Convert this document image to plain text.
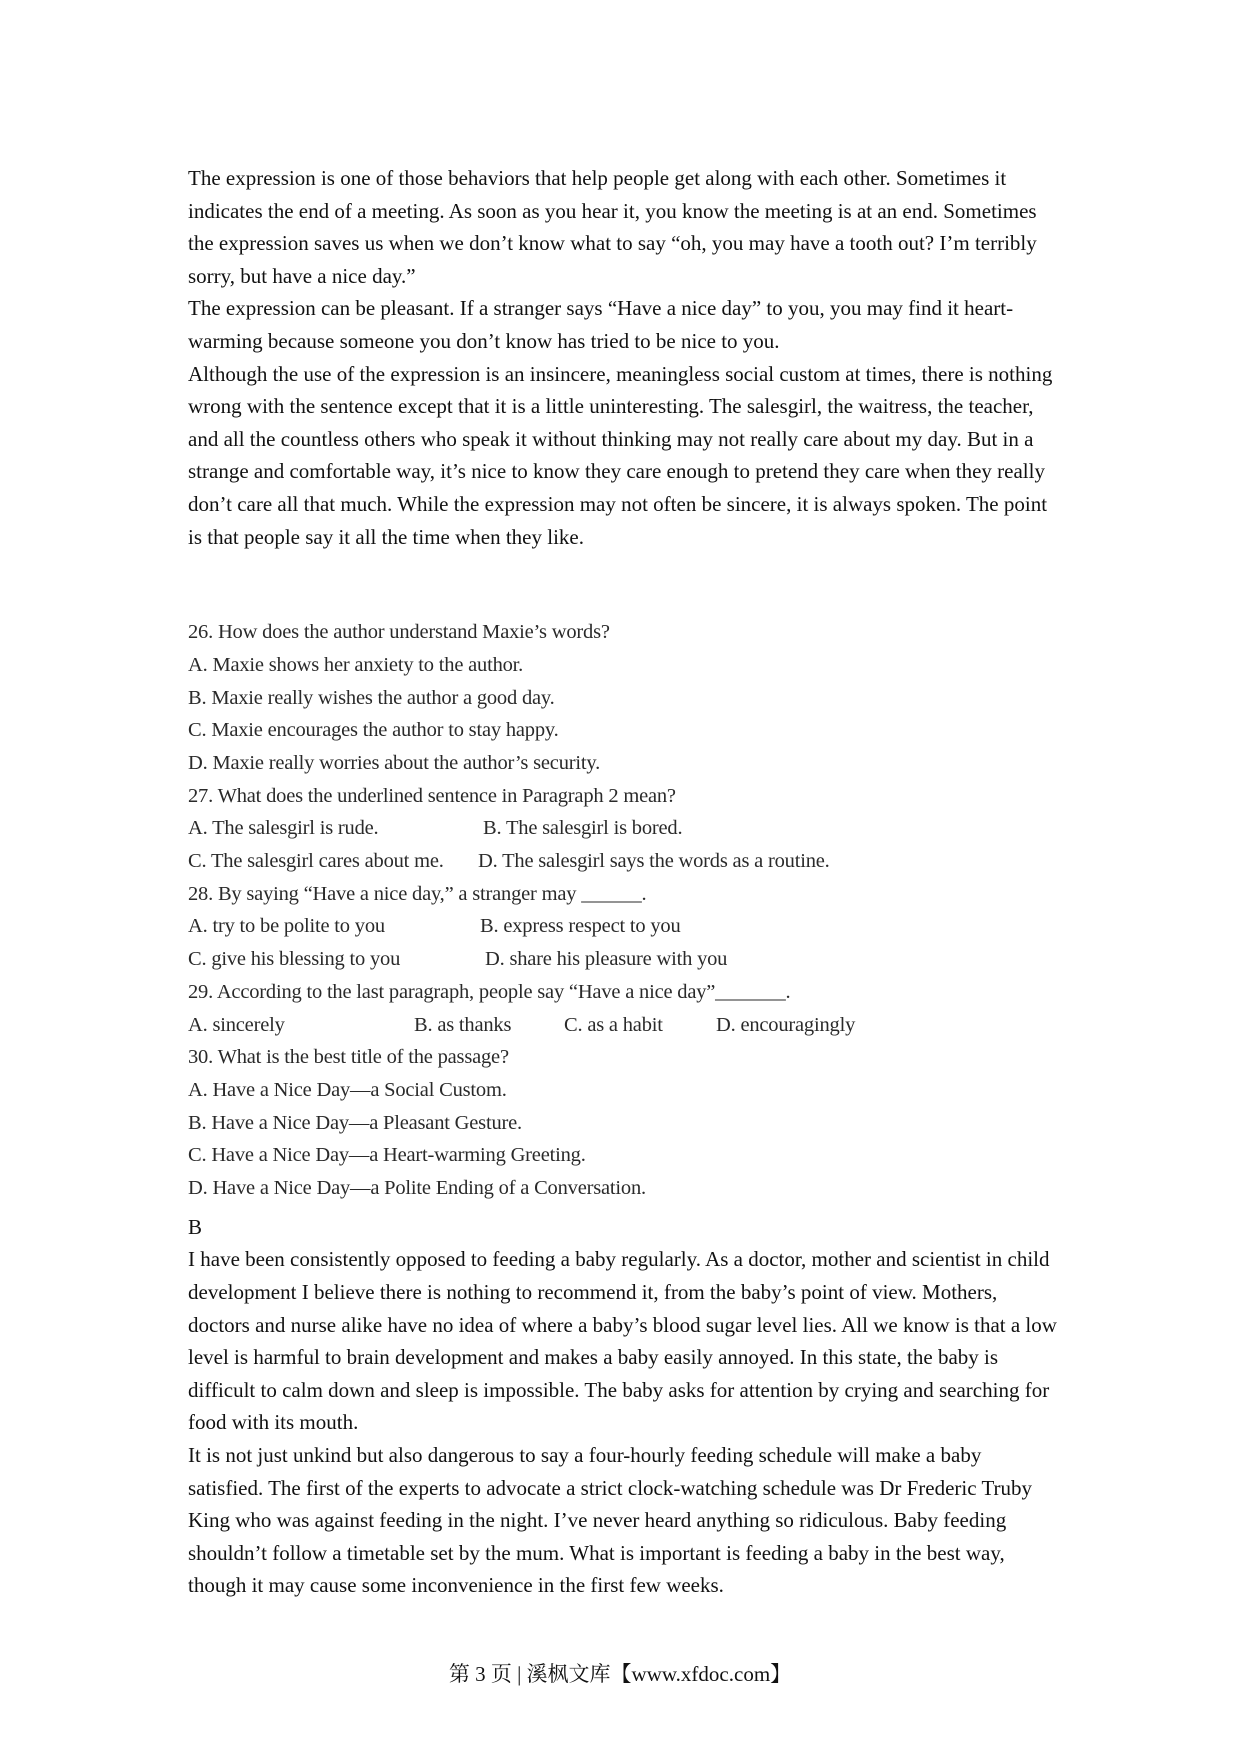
The expression is one of those behaviors that help people get along with each other. Sometimes it indicates the end of a meeting. As soon as you hear it, you know the meeting is at an end. Sometimes the expression saves us when we don’t know what to say “oh, you may have a tooth out? I’m terribly sorry, but have a nice day.”

The expression can be pleasant. If a stranger says “Have a nice day” to you, you may find it heart-warming because someone you don’t know has tried to be nice to you.

Although the use of the expression is an insincere, meaningless social custom at times, there is nothing wrong with the sentence except that it is a little uninteresting. The salesgirl, the waitress, the teacher, and all the countless others who speak it without thinking may not really care about my day. But in a strange and comfortable way, it’s nice to know they care enough to pretend they care when they really don’t care all that much. While the expression may not often be sincere, it is always spoken. The point is that people say it all the time when they like.

26. How does the author understand Maxie’s words?
A. Maxie shows her anxiety to the author.
B. Maxie really wishes the author a good day.
C. Maxie encourages the author to stay happy.
D. Maxie really worries about the author’s security.
27. What does the underlined sentence in Paragraph 2 mean?
A. The salesgirl is rude.	B. The salesgirl is bored.
C. The salesgirl cares about me.	D. The salesgirl says the words as a routine.
28. By saying “Have a nice day,” a stranger may ______.
A. try to be polite to you	B. express respect to you
C. give his blessing to you	D. share his pleasure with you
29. According to the last paragraph, people say “Have a nice day”_______.
A. sincerely	B. as thanks	C. as a habit	D. encouragingly
30. What is the best title of the passage?
A. Have a Nice Day—a Social Custom.
B. Have a Nice Day—a Pleasant Gesture.
C. Have a Nice Day—a Heart-warming Greeting.
D. Have a Nice Day—a Polite Ending of a Conversation.
B

I have been consistently opposed to feeding a baby regularly. As a doctor, mother and scientist in child development I believe there is nothing to recommend it, from the baby’s point of view. Mothers, doctors and nurse alike have no idea of where a baby’s blood sugar level lies. All we know is that a low level is harmful to brain development and makes a baby easily annoyed. In this state, the baby is difficult to calm down and sleep is impossible. The baby asks for attention by crying and searching for food with its mouth.

It is not just unkind but also dangerous to say a four-hourly feeding schedule will make a baby satisfied. The first of the experts to advocate a strict clock-watching schedule was Dr Frederic Truby King who was against feeding in the night. I’ve never heard anything so ridiculous. Baby feeding shouldn’t follow a timetable set by the mum. What is important is feeding a baby in the best way, though it may cause some inconvenience in the first few weeks.

第 3 页 | 溪枫文库【www.xfdoc.com】
